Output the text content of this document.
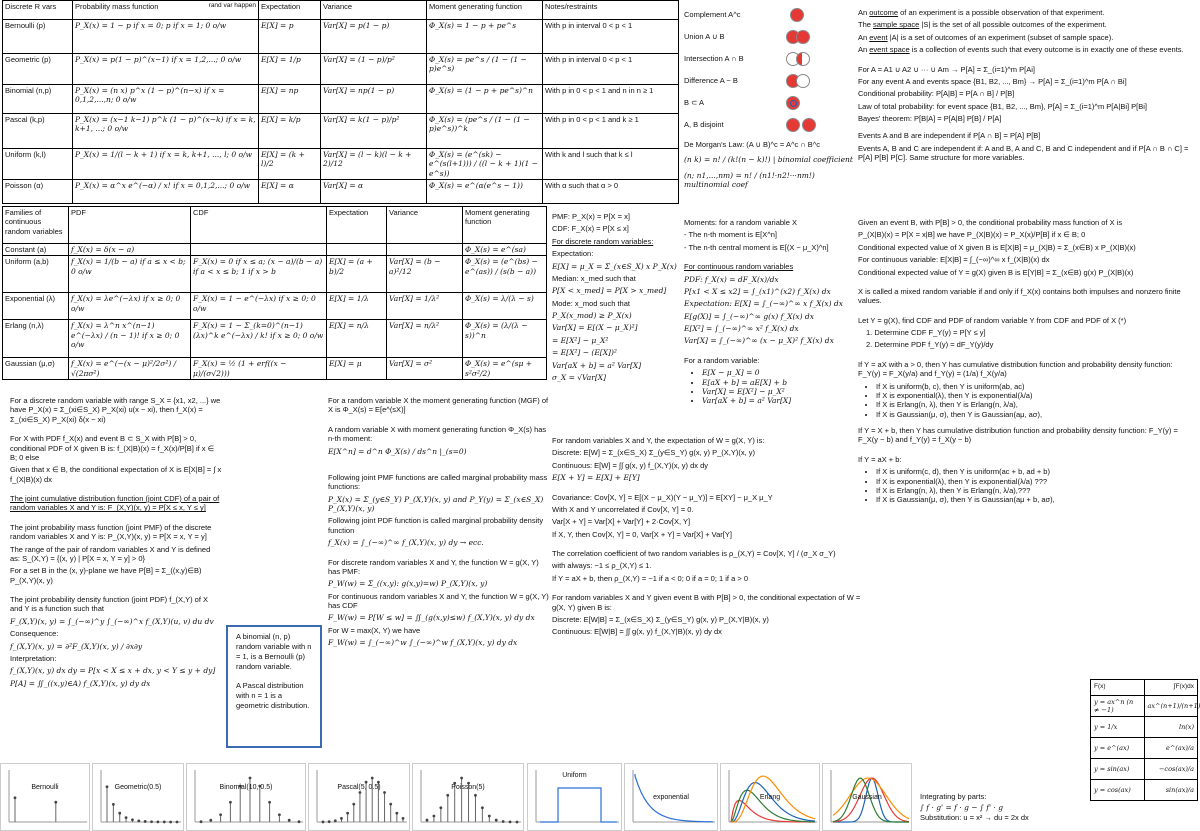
Discrete R vars	Probability mass function rand var happen	Expectation	Variance	Moment generating function	Notes/restraints
Bernoulli (p)	P_X(x) = 1 − p if x = 0; p if x = 1; 0 o/w	E[X] = p	Var[X] = p(1 − p)	Φ_X(s) = 1 − p + pe^s	With p in interval 0 < p < 1
Geometric (p)	P_X(x) = p(1 − p)^(x−1) if x = 1,2,...; 0 o/w	E[X] = 1/p	Var[X] = (1 − p)/p²	Φ_X(s) = pe^s / (1 − (1 − p)e^s)	With p in interval 0 < p < 1
Binomial (n,p)	P_X(x) = (n x) p^x (1 − p)^(n−x) if x = 0,1,2,...,n; 0 o/w	E[X] = np	Var[X] = np(1 − p)	Φ_X(s) = (1 − p + pe^s)^n	With p in 0 < p < 1 and n in n ≥ 1
Pascal (k,p)	P_X(x) = (x−1 k−1) p^k (1 − p)^(x−k) if x = k, k+1, ...; 0 o/w	E[X] = k/p	Var[X] = k(1 − p)/p²	Φ_X(s) = (pe^s / (1 − (1 − p)e^s))^k	With p in 0 < p < 1 and k ≥ 1
Uniform (k,l)	P_X(x) = 1/(l − k + 1) if x = k, k+1, ..., l; 0 o/w	E[X] = (k + l)/2	Var[X] = (l − k)(l − k + 2)/12	Φ_X(s) = (e^(sk) − e^(s(l+1))) / ((l − k + 1)(1 − e^s))	With k and l such that k ≤ l
Poisson (α)	P_X(x) = α^x e^(−α) / x! if x = 0,1,2,...; 0 o/w	E[X] = α	Var[X] = α	Φ_X(s) = e^(α(e^s − 1))	With α such that α > 0
Families of continuous random variables	PDF	CDF	Expectation	Variance	Moment generating function
Constant (a)	f_X(x) = δ(x − a)				Φ_X(s) = e^(sa)
Uniform (a,b)	f_X(x) = 1/(b − a) if a ≤ x < b; 0 o/w	F_X(x) = 0 if x ≤ a; (x − a)/(b − a) if a < x ≤ b; 1 if x > b	E[X] = (a + b)/2	Var[X] = (b − a)²/12	Φ_X(s) = (e^(bs) − e^(as)) / (s(b − a))
Exponential (λ)	f_X(x) = λe^(−λx) if x ≥ 0; 0 o/w	F_X(x) = 1 − e^(−λx) if x ≥ 0; 0 o/w	E[X] = 1/λ	Var[X] = 1/λ²	Φ_X(s) = λ/(λ − s)
Erlang (n,λ)	f_X(x) = λ^n x^(n−1) e^(−λx) / (n − 1)! if x ≥ 0; 0 o/w	F_X(x) = 1 − Σ_(k=0)^(n−1) (λx)^k e^(−λx) / k! if x ≥ 0; 0 o/w	E[X] = n/λ	Var[X] = n/λ²	Φ_X(s) = (λ/(λ − s))^n
Gaussian (μ,σ)	f_X(x) = e^(−(x − μ)²/2σ²) / √(2πσ²)	F_X(x) = ½ (1 + erf((x − μ)/(σ√2)))	E[X] = μ	Var[X] = σ²	Φ_X(s) = e^(sμ + s²σ²/2)

For a discrete random variable with range S_X = {x1, x2, ...} we have P_X(x) = Σ_(xi∈S_X) P_X(xi) u(x − xi), then f_X(x) = Σ_(xi∈S_X) P_X(xi) δ(x − xi)

For X with PDF f_X(x) and event B ⊂ S_X with P[B] > 0, conditional PDF of X given B is: f_(X|B)(x) = f_X(x)/P[B] if x ∈ B; 0 else

Given that x ∈ B, the conditional expectation of X is E[X|B] = ∫ x f_(X|B)(x) dx

The joint cumulative distribution function (joint CDF) of a pair of random variables X and Y is: F_(X,Y)(x, y) = P[X ≤ x, Y ≤ y]

The joint probability mass function (joint PMF) of the discrete random variables X and Y is: P_(X,Y)(x, y) = P[X = x, Y = y]

The range of the pair of random variables X and Y is defined as: S_(X,Y) = {(x, y) | P[X = x, Y = y] > 0}

For a set B in the (x, y)-plane we have P[B] = Σ_((x,y)∈B) P_(X,Y)(x, y)

The joint probability density function (joint PDF) f_(X,Y) of X and Y is a function such that

F_(X,Y)(x, y) = ∫_(−∞)^y ∫_(−∞)^x f_(X,Y)(u, v) du dv

Consequence:

f_(X,Y)(x, y) = ∂²F_(X,Y)(x, y) / ∂x∂y

Interpretation:

f_(X,Y)(x, y) dx dy = P[x < X ≤ x + dx, y < Y ≤ y + dy]

P[A] = ∬_((x,y)∈A) f_(X,Y)(x, y) dy dx

A binomial (n, p) random variable with n = 1, is a Bernoulli (p) random variable.

A Pascal distribution with n = 1 is a geometric distribution.

For a random variable X the moment generating function (MGF) of X is Φ_X(s) = E[e^(sX)]

A random variable X with moment generating function Φ_X(s) has n-th moment:

E[X^n] = d^n Φ_X(s) / ds^n |_(s=0)

Following joint PMF functions are called marginal probability mass functions:

P_X(x) = Σ_(y∈S_Y) P_(X,Y)(x, y) and P_Y(y) = Σ_(x∈S_X) P_(X,Y)(x, y)

Following joint PDF function is called marginal probability density function

f_X(x) = ∫_(−∞)^∞ f_(X,Y)(x, y) dy → ecc.

For discrete random variables X and Y, the function W = g(X, Y) has PMF:

P_W(w) = Σ_((x,y): g(x,y)=w) P_(X,Y)(x, y)

For continuous random variables X and Y, the function W = g(X, Y) has CDF

F_W(w) = P[W ≤ w] = ∬_(g(x,y)≤w) f_(X,Y)(x, y) dy dx

For W = max(X, Y) we have

F_W(w) = ∫_(−∞)^w ∫_(−∞)^w f_(X,Y)(x, y) dy dx

PMF: P_X(x) = P[X = x]

CDF: F_X(x) = P[X ≤ x]

For discrete random variables:

Expectation:

E[X] = μ_X = Σ_(x∈S_X) x P_X(x)

Median: x_med such that

P[X < x_med] = P[X > x_med]

Mode: x_mod such that

P_X(x_mod) ≥ P_X(x)

Var[X] = E[(X − μ_X)²]

= E[X²] − μ_X²

= E[X²] − (E[X])²

Var[aX + b] = a² Var[X]

σ_X = √Var[X]

For random variables X and Y, the expectation of W = g(X, Y) is:

Discrete: E[W] = Σ_(x∈S_X) Σ_(y∈S_Y) g(x, y) P_(X,Y)(x, y)

Continuous: E[W] = ∫∫ g(x, y) f_(X,Y)(x, y) dx dy

E[X + Y] = E[X] + E[Y]

Covariance: Cov[X, Y] = E[(X − μ_X)(Y − μ_Y)] = E[XY] − μ_X μ_Y

With X and Y uncorrelated if Cov[X, Y] = 0.

Var[X + Y] = Var[X] + Var[Y] + 2·Cov[X, Y]

If X, Y, then Cov[X, Y] = 0, Var[X + Y] = Var[X] + Var[Y]

The correlation coefficient of two random variables is ρ_(X,Y) = Cov[X, Y] / (σ_X σ_Y)

with always: −1 ≤ ρ_(X,Y) ≤ 1.

If Y = aX + b, then ρ_(X,Y) = −1 if a < 0; 0 if a = 0; 1 if a > 0

For random variables X and Y given event B with P[B] > 0, the conditional expectation of W = g(X, Y) given B is:

Discrete: E[W|B] = Σ_(x∈S_X) Σ_(y∈S_Y) g(x, y) P_(X,Y|B)(x, y)

Continuous: E[W|B] = ∫∫ g(x, y) f_(X,Y|B)(x, y) dy dx

Complement A^c
Union A ∪ B
Intersection A ∩ B
Difference A − B
B ⊂ A
A, B disjoint

De Morgan's Law: (A ∪ B)^c = A^c ∩ B^c

(n k) = n! / (k!(n − k)!) | binomial coefficient

(n; n1,...,nm) = n! / (n1!·n2!···nm!) multinomial coef

Moments: for a random variable X

- The n-th moment is E[X^n]

- The n-th central moment is E[(X − μ_X)^n]

For continuous random variables

PDF: f_X(x) = dF_X(x)/dx

P[x1 < X ≤ x2] = ∫_(x1)^(x2) f_X(x) dx

Expectation: E[X] = ∫_(−∞)^∞ x f_X(x) dx

E[g(X)] = ∫_(−∞)^∞ g(x) f_X(x) dx

E[X²] = ∫_(−∞)^∞ x² f_X(x) dx

Var[X] = ∫_(−∞)^∞ (x − μ_X)² f_X(x) dx

For a random variable:

• E[X − μ_X] = 0
• E[aX + b] = aE[X] + b
• Var[X] = E[X²] − μ_X²
• Var[aX + b] = a² Var[X]

An outcome of an experiment is a possible observation of that experiment.

The sample space |S| is the set of all possible outcomes of the experiment.

An event |A| is a set of outcomes of an experiment (subset of sample space).

An event space is a collection of events such that every outcome is in exactly one of these events.

For A = A1 ∪ A2 ∪ ··· ∪ Am → P[A] = Σ_(i=1)^m P[Ai]

For any event A and events space {B1, B2, ..., Bm} → P[A] = Σ_(i=1)^m P[A ∩ Bi]

Conditional probability: P[A|B] = P[A ∩ B] / P[B]

Law of total probability: for event space {B1, B2, ..., Bm}, P[A] = Σ_(i=1)^m P[A|Bi] P[Bi]

Bayes' theorem: P[B|A] = P[A|B] P[B] / P[A]

Events A and B are independent if P[A ∩ B] = P[A] P[B]

Events A, B and C are independent if: A and B, A and C, B and C independent and if P[A ∩ B ∩ C] = P[A] P[B] P[C]. Same structure for more variables.

Given an event B, with P[B] > 0, the conditional probability mass function of X is

P_(X|B)(x) = P[X = x|B] we have P_(X|B)(x) = P_X(x)/P[B] if x ∈ B; 0

Conditional expected value of X given B is E[X|B] = μ_(X|B) = Σ_(x∈B) x P_(X|B)(x)

For continuous variable: E[X|B] = ∫_(−∞)^∞ x f_(X|B)(x) dx

Conditional expected value of Y = g(X) given B is E[Y|B] = Σ_(x∈B) g(x) P_(X|B)(x)

X is called a mixed random variable if and only if f_X(x) contains both impulses and nonzero finite values.

Let Y = g(X), find CDF and PDF of random variable Y from CDF and PDF of X (*)

1. Determine CDF F_Y(y) = P[Y ≤ y]

2. Determine PDF f_Y(y) = dF_Y(y)/dy

If Y = aX with a > 0, then Y has cumulative distribution function and probability density function: F_Y(y) = F_X(y/a) and f_Y(y) = (1/a) f_X(y/a)

• If X is uniform(b, c), then Y is uniform(ab, ac)
• If X is exponential(λ), then Y is exponential(λ/a)
• If X is Erlang(n, λ), then Y is Erlang(n, λ/a),
• If X is Gaussian(μ, σ), then Y is Gaussian(aμ, aσ),

If Y = X + b, then Y has cumulative distribution function and probability density function: F_Y(y) = F_X(y − b) and f_Y(y) = f_X(y − b)

If Y = aX + b:

• If X is uniform(c, d), then Y is uniform(ac + b, ad + b)
• If X is exponential(λ), then Y is exponential(λ/a) ???
• If X is Erlang(n, λ), then Y is Erlang(n, λ/a),???
• If X is Gaussian(μ, σ), then Y is Gaussian(aμ + b, aσ),
F(x)	∫F(x)dx
y = ax^n (n ≠ −1)	ax^(n+1)/(n+1)
y = 1/x	ln(x)
y = e^(ax)	e^(ax)/a
y = sin(ax)	−cos(ax)/a
y = cos(ax)	sin(ax)/a

Integrating by parts:

∫ f · g' = f · g − ∫ f' · g

Substitution: u = x² → du = 2x dx

Bernoulli	Geometric(0.5)	Binomial(10, 0.5)	Pascal(5, 0.5)	Poisson(5)
Uniform
exponential	Erlang	Gaussian
